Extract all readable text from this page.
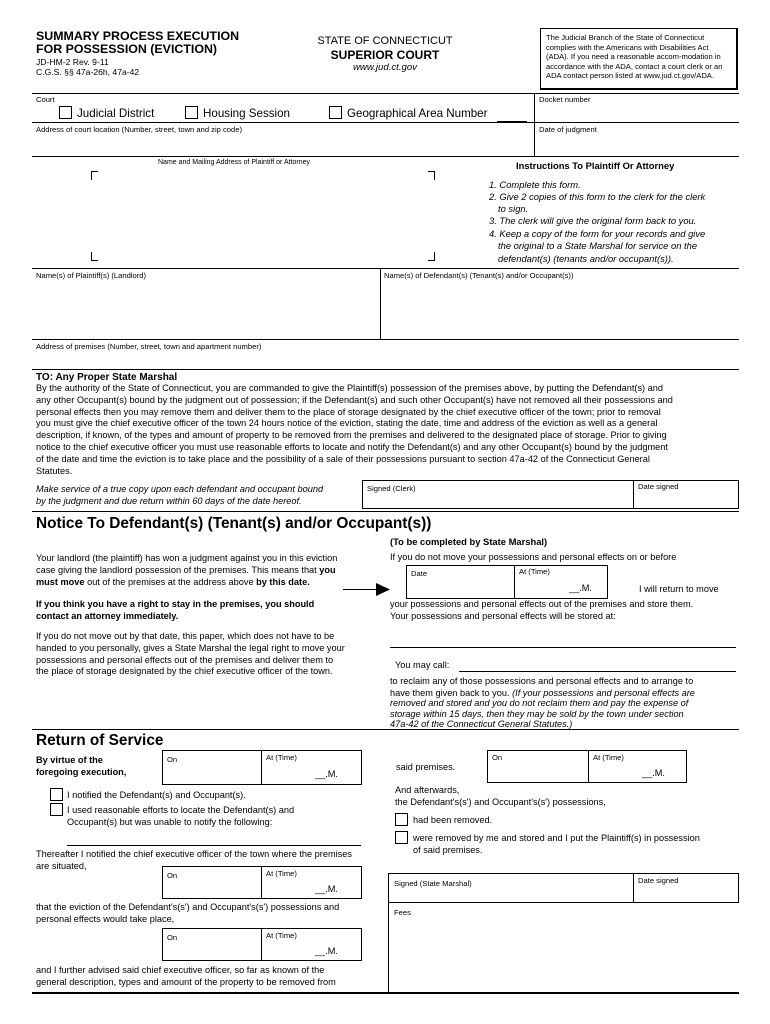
SUMMARY PROCESS EXECUTION
FOR POSSESSION (EVICTION)
JD-HM-2 Rev. 9-11
C.G.S. §§ 47a-26h, 47a-42
STATE OF CONNECTICUT
SUPERIOR COURT
www.jud.ct.gov
The Judicial Branch of the State of Connecticut complies with the Americans with Disabilities Act (ADA). If you need a reasonable accom-modation in accordance with the ADA, contact a court clerk or an ADA contact person listed at www.jud.ct.gov/ADA.
Court	Docket number
Judicial District	Housing Session	Geographical Area Number
Address of court location (Number, street, town and zip code)	Date of judgment
Name and Mailing Address of Plaintiff or Attorney	Instructions To Plaintiff Or Attorney
1. Complete this form.
2. Give 2 copies of this form to the clerk for the clerk
to sign.
3. The clerk will give the original form back to you.
4. Keep a copy of the form for your records and give
the original to a State Marshal for service on the
defendant(s) (tenants and/or occupant(s)).
Name(s) of Plaintiff(s) (Landlord)	Name(s) of Defendant(s) (Tenant(s) and/or Occupant(s))
Address of premises (Number, street, town and apartment number)
TO: Any Proper State Marshal
By the authority of the State of Connecticut, you are commanded to give the Plaintiff(s) possession of the premises above, by putting the Defendant(s) and
any other Occupant(s) bound by the judgment out of possession; if the Defendant(s) and such other Occupant(s) have not removed all their possessions and
personal effects then you may remove them and deliver them to the place of storage designated by the chief executive officer of the town; prior to removal
you must give the chief executive officer of the town 24 hours notice of the eviction, stating the date, time and address of the eviction as well as a general
description, if known, of the types and amount of property to be removed from the premises and delivered to the designated place of storage. Prior to giving
notice to the chief executive officer you must use reasonable efforts to locate and notify the Defendant(s) and any other Occupant(s) bound by the judgment
of the date and time the eviction is to take place and the possibility of a sale of their possessions pursuant to section 47a-42 of the Connecticut General
Statutes.
Make service of a true copy upon each defendant and occupant bound
by the judgment and due return within 60 days of the date hereof.
Signed (Clerk)	Date signed
Notice To Defendant(s) (Tenant(s) and/or Occupant(s))
(To be completed by State Marshal)
Your landlord (the plaintiff) has won a judgment against you in this eviction
case giving the landlord possession of the premises. This means that you
must move out of the premises at the address above by this date.
If you think you have a right to stay in the premises, you should
contact an attorney immediately.
If you do not move out by that date, this paper, which does not have to be
handed to you personally, gives a State Marshal the legal right to move your
possessions and personal effects out of the premises and deliver them to
the place of storage designated by the chief executive officer of the town.
If you do not move your possessions and personal effects on or before
Date	At (Time)
__.M.	I will return to move
your possessions and personal effects out of the premises and store them.
Your possessions and personal effects will be stored at:
You may call:
to reclaim any of those possessions and personal effects and to arrange to
have them given back to you. (If your possessions and personal effects are
removed and stored and you do not reclaim them and pay the expense of
storage within 15 days, then they may be sold by the town under section
47a-42 of the Connecticut General Statutes.)
Return of Service
By virtue of the
foregoing execution,
On	At (Time)
__.M.
I notified the Defendant(s) and Occupant(s).
I used reasonable efforts to locate the Defendant(s) and
Occupant(s) but was unable to notify the following:
Thereafter I notified the chief executive officer of the town where the premises
are situated,
On	At (Time)
__.M.
that the eviction of the Defendant's(s') and Occupant's(s') possessions and
personal effects would take place,
On	At (Time)
__.M.
and I further advised said chief executive officer, so far as known of the
general description, types and amount of the property to be removed from
On	At (Time)
__.M.
said premises.
And afterwards,
the Defendant's(s') and Occupant's(s') possessions,
had been removed.
were removed by me and stored and I put the Plaintiff(s) in possession
of said premises.
Signed (State Marshal)	Date signed
Fees
